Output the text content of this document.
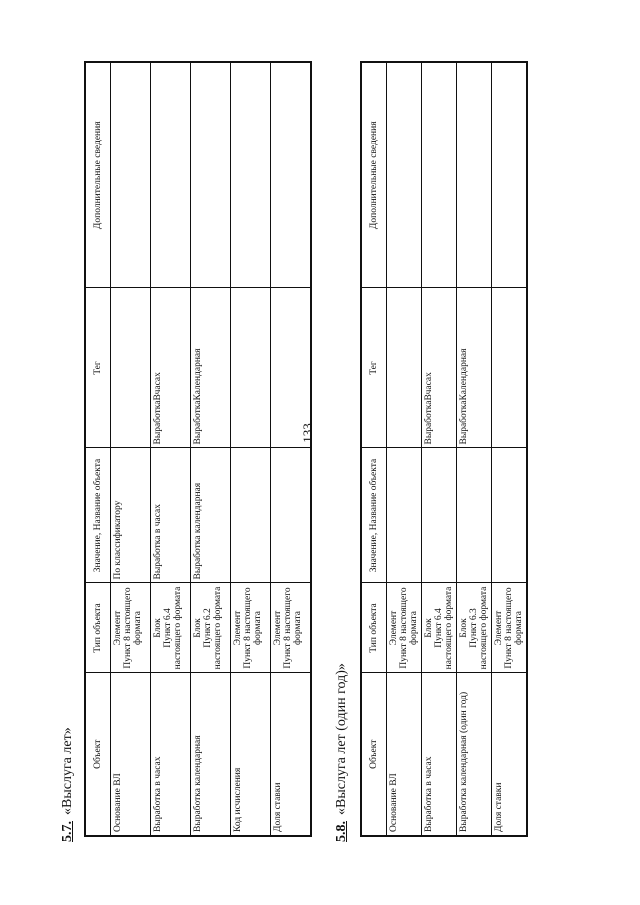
133
5.7.«Выслуга лет» Объект	Тип объекта	Значение, Название объекта	Тег	Дополнительные сведения
Основание ВЛ	Элемент
Пункт 8 настоящего формата	По классификатору		
Выработка в часах	Блок
Пункт 6.4 настоящего формата	Выработка в часах	ВыработкаВчасах	
Выработка календарная	Блок
Пункт 6.2 настоящего формата	Выработка календарная	ВыработкаКалендарная	
Код исчисления	Элемент
Пункт 8 настоящего формата			
Доля ставки	Элемент
Пункт 8 настоящего формата			
5.8.«Выслуга лет (один год)» Объект	Тип объекта	Значение, Название объекта	Тег	Дополнительные сведения
Основание ВЛ	Элемент
Пункт 8 настоящего формата			
Выработка в часах	Блок
Пункт 6.4 настоящего формата		ВыработкаВчасах	
Выработка календарная (один год)	Блок
Пункт 6.3 настоящего формата		ВыработкаКалендарная	
Доля ставки	Элемент
Пункт 8 настоящего формата			
